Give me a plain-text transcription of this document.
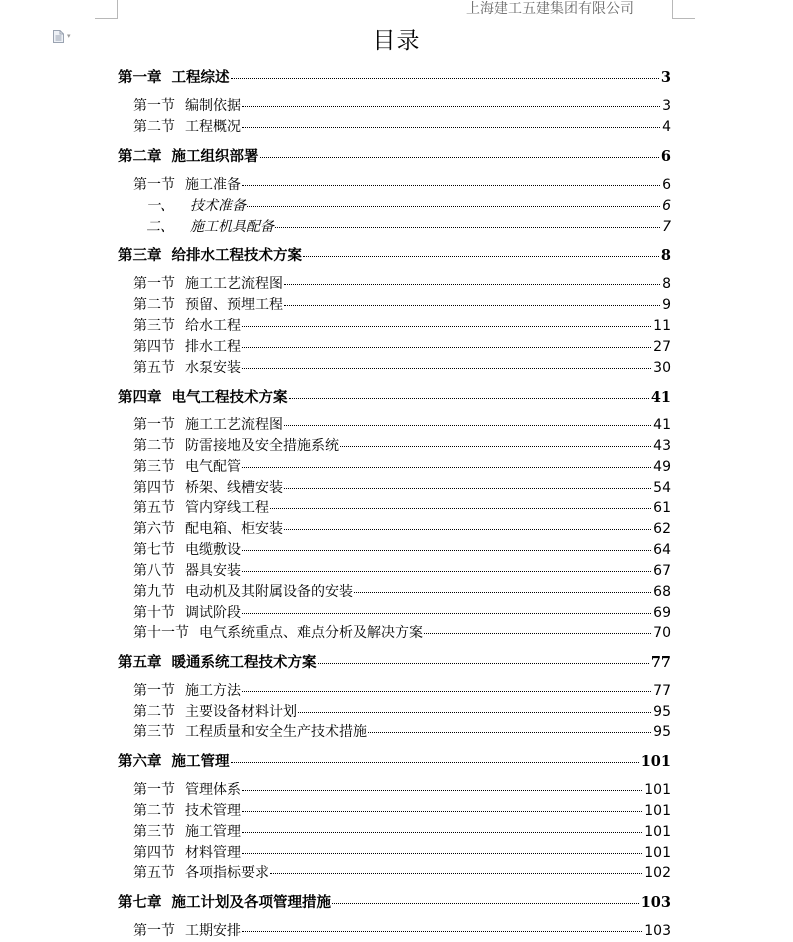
上海建工五建集团有限公司
▾	目录
第一章 工程综述	3
第一节 编制依据	3
第二节 工程概况	4
第二章 施工组织部署	6
第一节 施工准备	6
一、 技术准备	6
二、 施工机具配备	7
第三章 给排水工程技术方案	8
第一节 施工工艺流程图	8
第二节 预留、预埋工程	9
第三节 给水工程	11
第四节 排水工程	27
第五节 水泵安装	30
第四章 电气工程技术方案	41
第一节 施工工艺流程图	41
第二节 防雷接地及安全措施系统	43
第三节 电气配管	49
第四节 桥架、线槽安装	54
第五节 管内穿线工程	61
第六节 配电箱、柜安装	62
第七节 电缆敷设	64
第八节 器具安装	67
第九节 电动机及其附属设备的安装	68
第十节 调试阶段	69
第十一节 电气系统重点、难点分析及解决方案	70
第五章 暖通系统工程技术方案	77
第一节 施工方法	77
第二节 主要设备材料计划	95
第三节 工程质量和安全生产技术措施	95
第六章 施工管理	101
第一节 管理体系	101
第二节 技术管理	101
第三节 施工管理	101
第四节 材料管理	101
第五节 各项指标要求	102
第七章 施工计划及各项管理措施	103
第一节 工期安排	103
